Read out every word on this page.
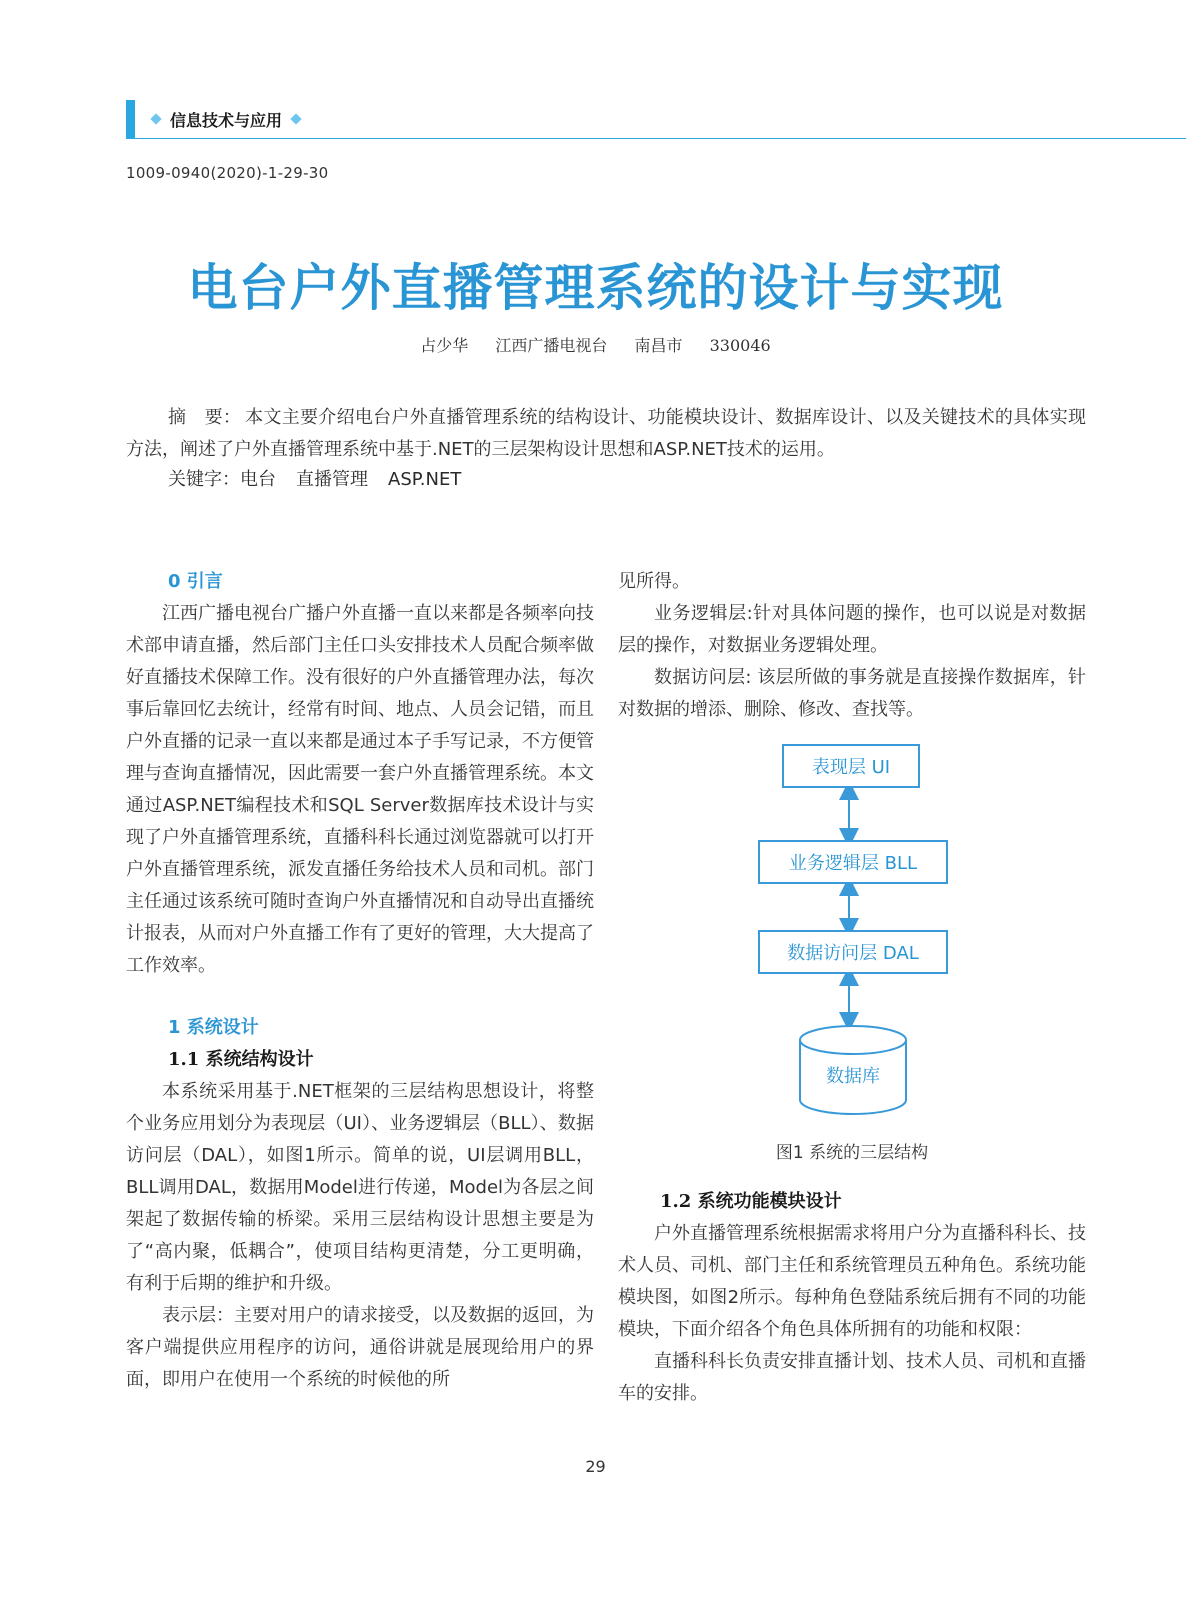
信息技术与应用
1009-0940(2020)-1-29-30
电台户外直播管理系统的设计与实现
占少华 江西广播电视台 南昌市 330046

摘　要： 本文主要介绍电台户外直播管理系统的结构设计、功能模块设计、数据库设计、以及关键技术的具体实现方法，阐述了户外直播管理系统中基于.NET的三层架构设计思想和ASP.NET技术的运用。

关键字：电台 直播管理 ASP.NET

0 引言

江西广播电视台广播户外直播一直以来都是各频率向技术部申请直播，然后部门主任口头安排技术人员配合频率做好直播技术保障工作。没有很好的户外直播管理办法，每次事后靠回忆去统计，经常有时间、地点、人员会记错，而且户外直播的记录一直以来都是通过本子手写记录，不方便管理与查询直播情况，因此需要一套户外直播管理系统。本文通过ASP.NET编程技术和SQL Server数据库技术设计与实现了户外直播管理系统，直播科科长通过浏览器就可以打开户外直播管理系统，派发直播任务给技术人员和司机。部门主任通过该系统可随时查询户外直播情况和自动导出直播统计报表，从而对户外直播工作有了更好的管理，大大提高了工作效率。

1 系统设计

1.1 系统结构设计

本系统采用基于.NET框架的三层结构思想设计，将整个业务应用划分为表现层（UI）、业务逻辑层（BLL）、数据访问层（DAL），如图1所示。简单的说，UI层调用BLL，BLL调用DAL，数据用Model进行传递，Model为各层之间架起了数据传输的桥梁。采用三层结构设计思想主要是为了“高内聚，低耦合”，使项目结构更清楚，分工更明确，有利于后期的维护和升级。

表示层：主要对用户的请求接受，以及数据的返回，为客户端提供应用程序的访问，通俗讲就是展现给用户的界面，即用户在使用一个系统的时候他的所

见所得。

业务逻辑层:针对具体问题的操作，也可以说是对数据层的操作，对数据业务逻辑处理。

数据访问层: 该层所做的事务就是直接操作数据库，针对数据的增添、删除、修改、查找等。

表现层 UI
业务逻辑层 BLL
数据访问层 DAL
数据库
图1 系统的三层结构

1.2 系统功能模块设计

户外直播管理系统根据需求将用户分为直播科科长、技术人员、司机、部门主任和系统管理员五种角色。系统功能模块图，如图2所示。每种角色登陆系统后拥有不同的功能模块，下面介绍各个角色具体所拥有的功能和权限：

直播科科长负责安排直播计划、技术人员、司机和直播车的安排。

29
